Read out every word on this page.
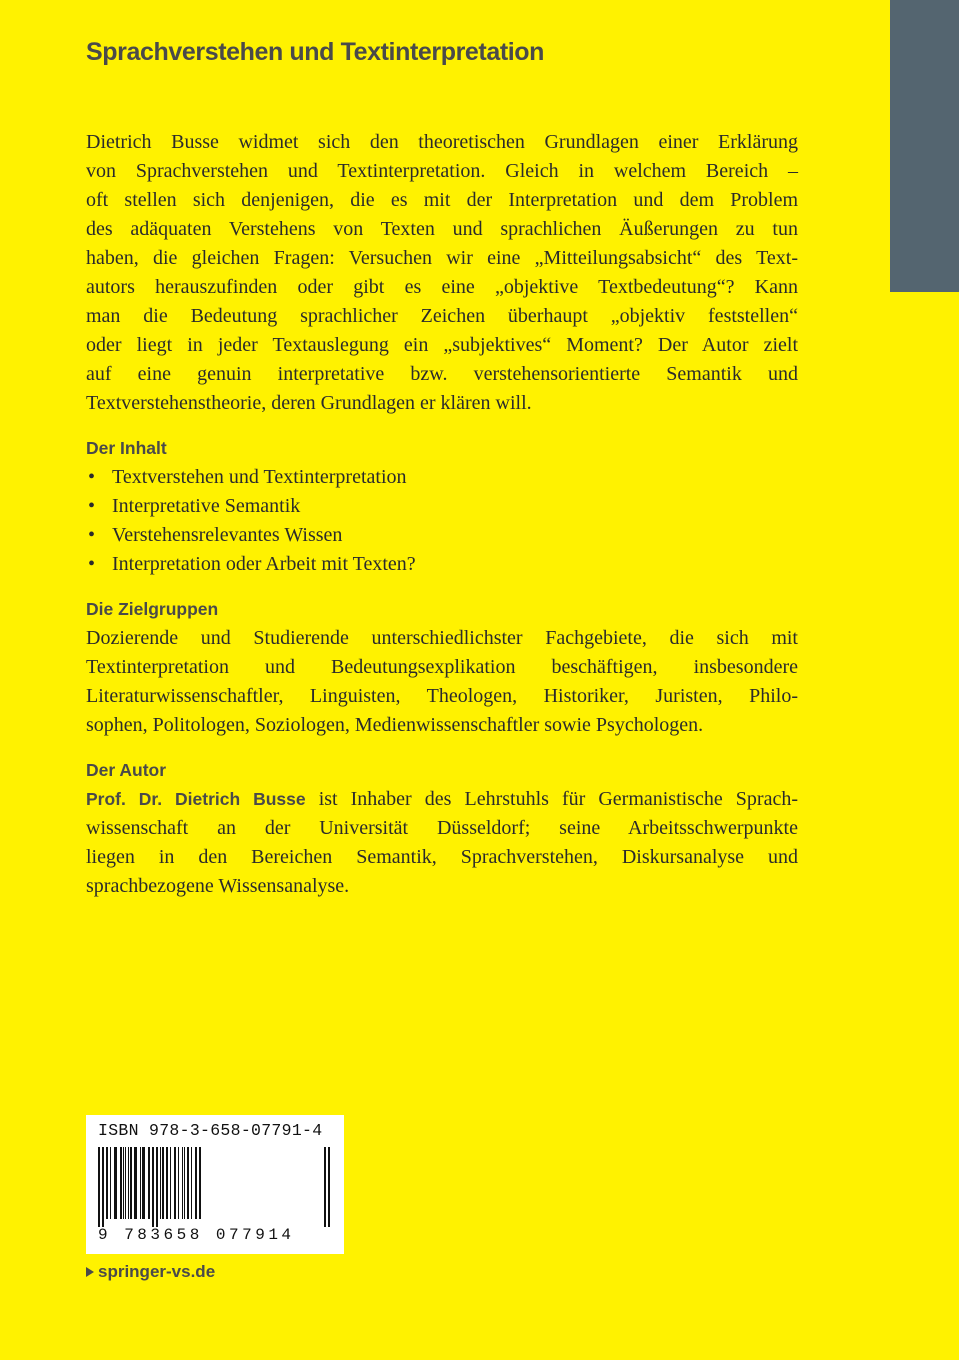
Sprachverstehen und Textinterpretation
Dietrich Busse widmet sich den theoretischen Grundlagen einer Erklärung
von Sprachverstehen und Textinterpretation. Gleich in welchem Bereich –
oft stellen sich denjenigen, die es mit der Interpretation und dem Problem
des adäquaten Verstehens von Texten und sprachlichen Äußerungen zu tun
haben, die gleichen Fragen: Versuchen wir eine „Mitteilungsabsicht“ des Text-
autors herauszufinden oder gibt es eine „objektive Textbedeutung“? Kann
man die Bedeutung sprachlicher Zeichen überhaupt „objektiv feststellen“
oder liegt in jeder Textauslegung ein „subjektives“ Moment? Der Autor zielt
auf eine genuin interpretative bzw. verstehensorientierte Semantik und
Textverstehenstheorie, deren Grundlagen er klären will.
Der Inhalt
• Textverstehen und Textinterpretation
• Interpretative Semantik
• Verstehensrelevantes Wissen
• Interpretation oder Arbeit mit Texten?
Die Zielgruppen
Dozierende und Studierende unterschiedlichster Fachgebiete, die sich mit
Textinterpretation und Bedeutungsexplikation beschäftigen, insbesondere
Literaturwissenschaftler, Linguisten, Theologen, Historiker, Juristen, Philo-
sophen, Politologen, Soziologen, Medienwissenschaftler sowie Psychologen.
Der Autor
Prof. Dr. Dietrich Busse ist Inhaber des Lehrstuhls für Germanistische Sprach-
wissenschaft an der Universität Düsseldorf; seine Arbeitsschwerpunkte
liegen in den Bereichen Semantik, Sprachverstehen, Diskursanalyse und
sprachbezogene Wissensanalyse.
ISBN 978-3-658-07791-4
9 783658 077914
springer-vs.de
